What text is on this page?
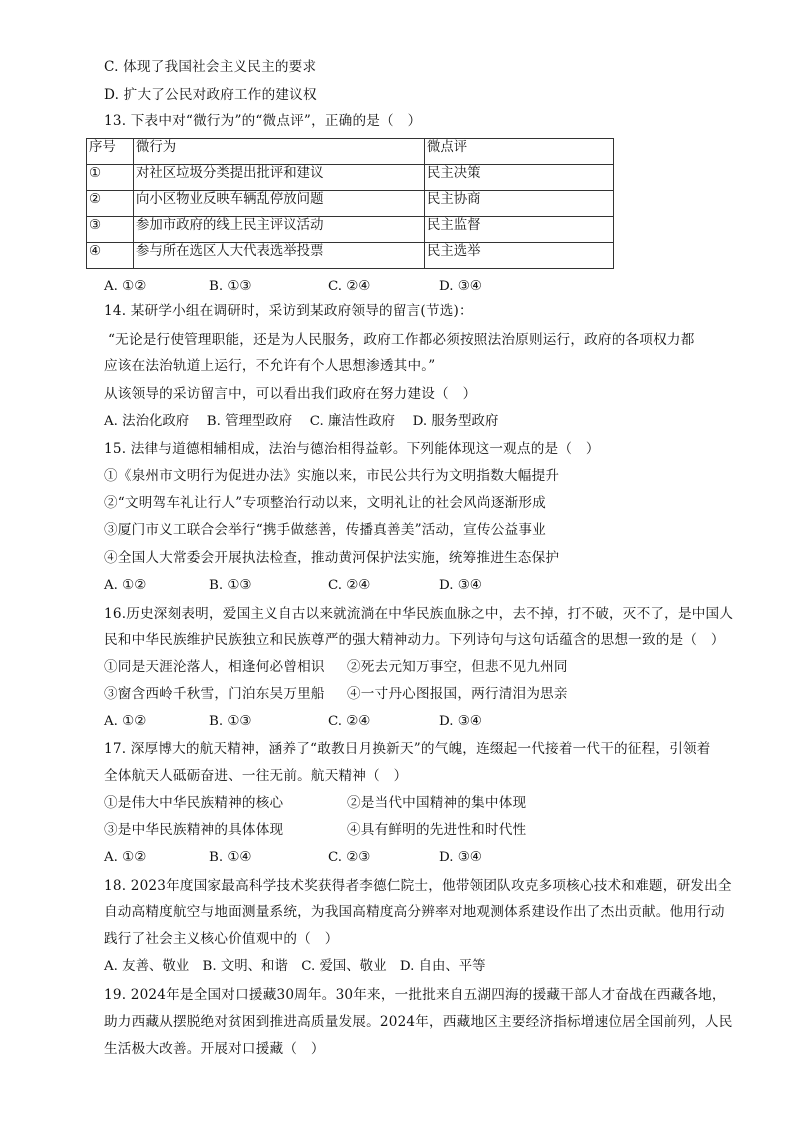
C. 体现了我国社会主义民主的要求
D. 扩大了公民对政府工作的建议权
13. 下表中对“微行为”的“微点评”，正确的是（　）
序号	微行为	微点评
①	对社区垃圾分类提出批评和建议	民主决策
②	向小区物业反映车辆乱停放问题	民主协商
③	参加市政府的线上民主评议活动	民主监督
④	参与所在选区人大代表选举投票	民主选举
A. ①②	B. ①③	C. ②④	D. ③④
14. 某研学小组在调研时，采访到某政府领导的留言(节选)：
“无论是行使管理职能，还是为人民服务，政府工作都必须按照法治原则运行，政府的各项权力都
应该在法治轨道上运行，不允许有个人思想渗透其中。”
从该领导的采访留言中，可以看出我们政府在努力建设（　）
A. 法治化政府　 B. 管理型政府　 C. 廉洁性政府　 D. 服务型政府
15. 法律与道德相辅相成，法治与德治相得益彰。下列能体现这一观点的是（　）
①《泉州市文明行为促进办法》实施以来，市民公共行为文明指数大幅提升
②“文明驾车礼让行人”专项整治行动以来，文明礼让的社会风尚逐渐形成
③厦门市义工联合会举行“携手做慈善，传播真善美”活动，宣传公益事业
④全国人大常委会开展执法检查，推动黄河保护法实施，统筹推进生态保护
A. ①②	B. ①③	C. ②④	D. ③④
16.历史深刻表明，爱国主义自古以来就流淌在中华民族血脉之中，去不掉，打不破，灭不了，是中国人
民和中华民族维护民族独立和民族尊严的强大精神动力。下列诗句与这句话蕴含的思想一致的是（　）
①同是天涯沦落人，相逢何必曾相识 ②死去元知万事空，但悲不见九州同
③窗含西岭千秋雪，门泊东吴万里船 ④一寸丹心图报国，两行清泪为思亲
A. ①②	B. ①③	C. ②④	D. ③④
17. 深厚博大的航天精神，涵养了“敢教日月换新天”的气魄，连缀起一代接着一代干的征程，引领着
全体航天人砥砺奋进、一往无前。航天精神（　）
①是伟大中华民族精神的核心	②是当代中国精神的集中体现
③是中华民族精神的具体体现	④具有鲜明的先进性和时代性
A. ①②	B. ①④	C. ②③	D. ③④
18. 2023年度国家最高科学技术奖获得者李德仁院士，他带领团队攻克多项核心技术和难题，研发出全
自动高精度航空与地面测量系统，为我国高精度高分辨率对地观测体系建设作出了杰出贡献。他用行动
践行了社会主义核心价值观中的（　）
A. 友善、敬业　B. 文明、和谐　C. 爱国、敬业　D. 自由、平等
19. 2024年是全国对口援藏30周年。30年来，一批批来自五湖四海的援藏干部人才奋战在西藏各地，
助力西藏从摆脱绝对贫困到推进高质量发展。2024年，西藏地区主要经济指标增速位居全国前列，人民
生活极大改善。开展对口援藏（　）
